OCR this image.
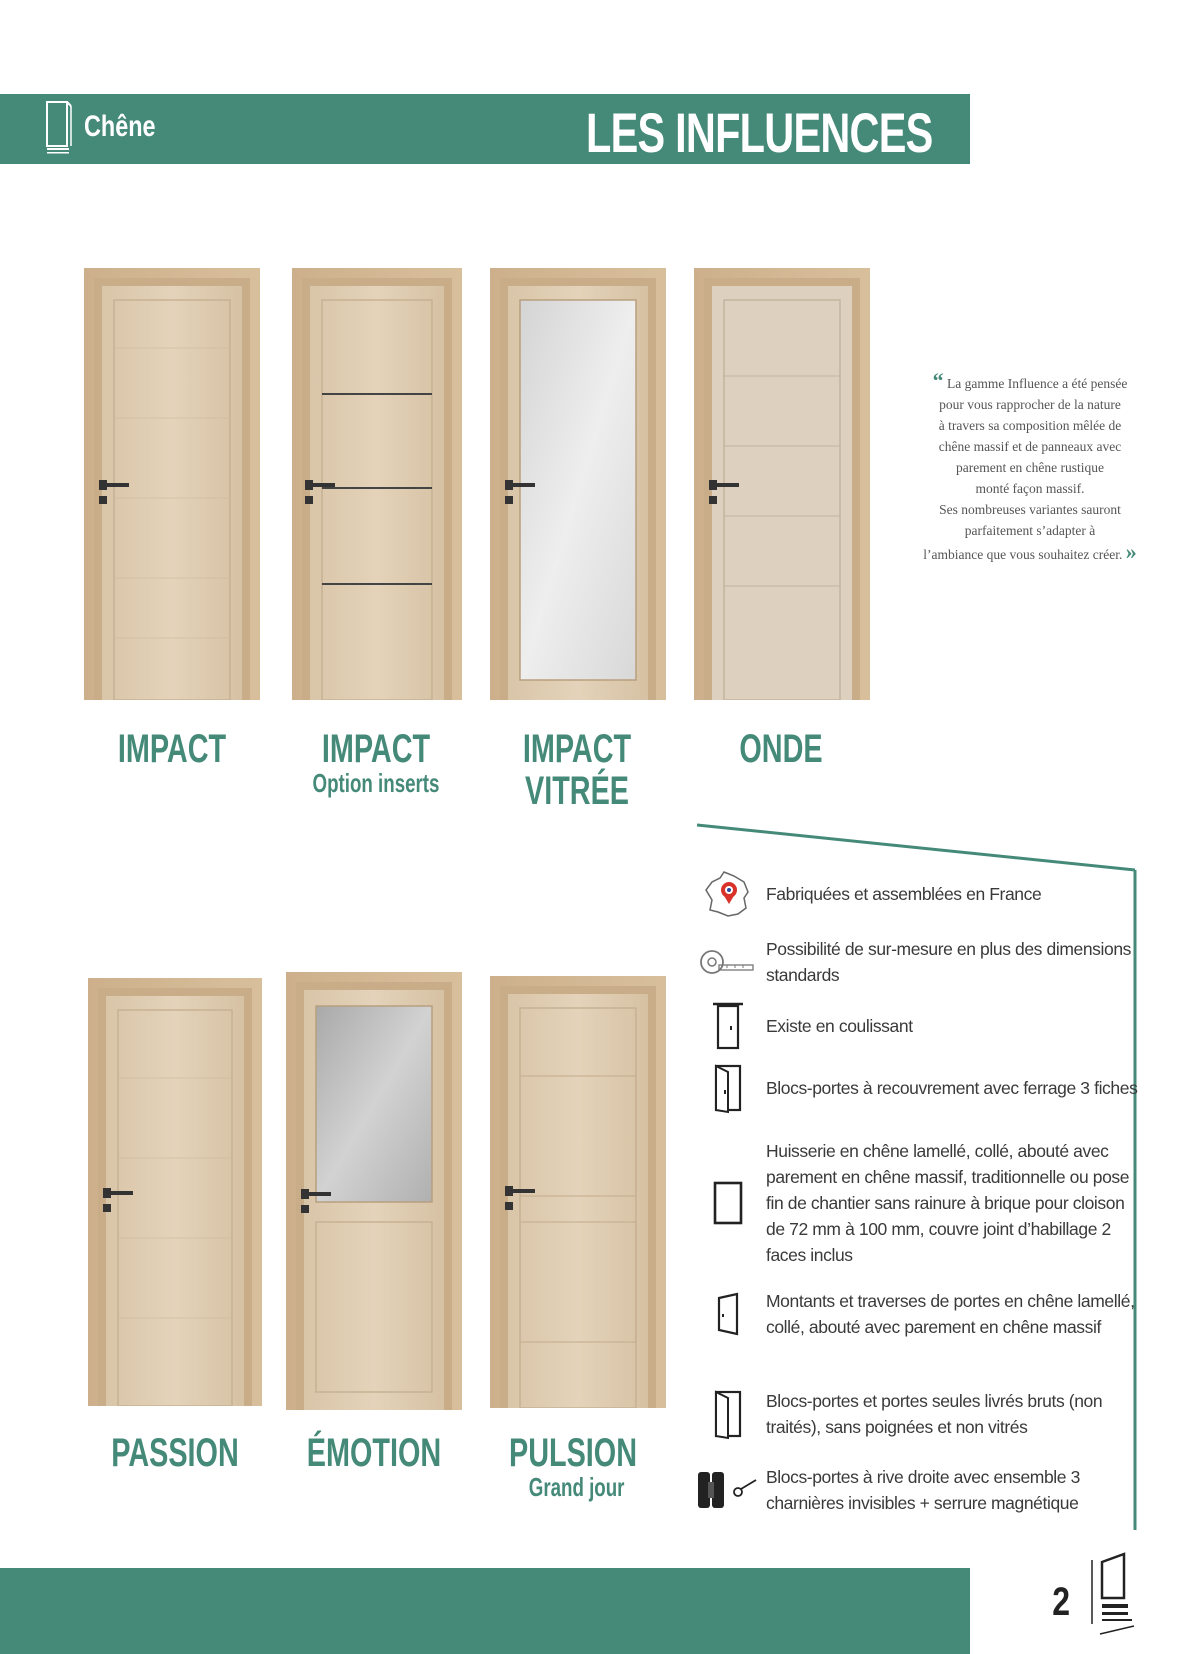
Chêne	LES INFLUENCES
IMPACT	IMPACT
Option inserts
IMPACT
VITRÉE
ONDE
“ La gamme Influence a été pensée
pour vous rapprocher de la nature
à travers sa composition mêlée de
chêne massif et de panneaux avec
parement en chêne rustique
monté façon massif.
Ses nombreuses variantes sauront
parfaitement s’adapter à
l’ambiance que vous souhaitez créer. »
Fabriquées et assemblées en France
Possibilité de sur-mesure en plus des dimensions standards
Existe en coulissant
Blocs-portes à recouvrement avec ferrage 3 fiches
Huisserie en chêne lamellé, collé, abouté avec parement en chêne massif, traditionnelle ou pose fin de chantier sans rainure à brique pour cloison de 72 mm à 100 mm, couvre joint d’habillage 2 faces inclus
Montants et traverses de portes en chêne lamellé, collé, abouté avec parement en chêne massif
Blocs-portes et portes seules livrés bruts (non traités), sans poignées et non vitrés
Blocs-portes à rive droite avec ensemble 3 charnières invisibles + serrure magnétique
PASSION ÉMOTION PULSION
Grand jour
2
